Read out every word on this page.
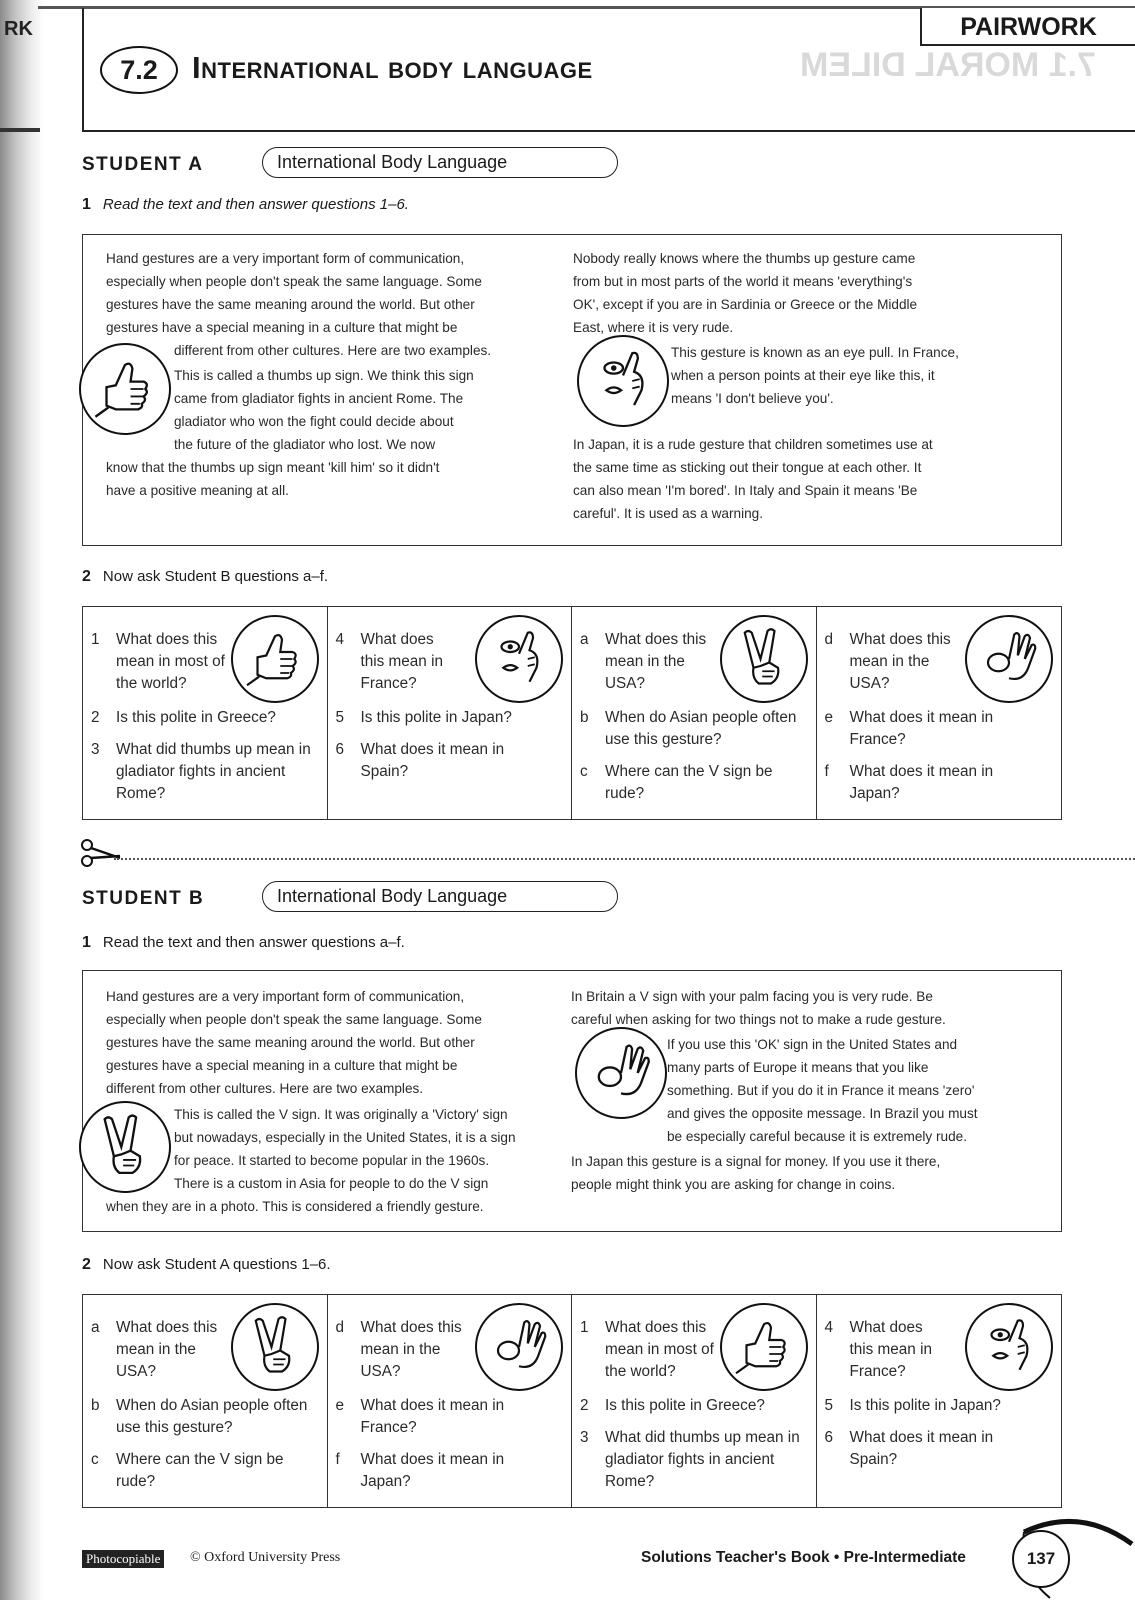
RK
7.1 MORAL DILEM
PAIRWORK
7.2	International body language
STUDENT A	International Body Language
1 Read the text and then answer questions 1–6.

Hand gestures are a very important form of communication,

especially when people don't speak the same language. Some

gestures have the same meaning around the world. But other

gestures have a special meaning in a culture that might be

different from other cultures. Here are two examples.

This is called a thumbs up sign. We think this sign

came from gladiator fights in ancient Rome. The

gladiator who won the fight could decide about

the future of the gladiator who lost. We now

know that the thumbs up sign meant 'kill him' so it didn't

have a positive meaning at all.

Nobody really knows where the thumbs up gesture came

from but in most parts of the world it means 'everything's

OK', except if you are in Sardinia or Greece or the Middle

East, where it is very rude.

This gesture is known as an eye pull. In France,

when a person points at their eye like this, it

means 'I don't believe you'.

In Japan, it is a rude gesture that children sometimes use at

the same time as sticking out their tongue at each other. It

can also mean 'I'm bored'. In Italy and Spain it means 'Be

careful'. It is used as a warning.

2 Now ask Student B questions a–f.
1	What does this mean in most of the world?
2	Is this polite in Greece?
3	What did thumbs up mean in gladiator fights in ancient Rome?
4	What does this mean in France?
5	Is this polite in Japan?
6	What does it mean in Spain?
a	What does this mean in the USA?
b	When do Asian people often use this gesture?
c	Where can the V sign be rude?
d	What does this mean in the USA?
e	What does it mean in France?
f	What does it mean in Japan?
STUDENT B	International Body Language
1 Read the text and then answer questions a–f.

Hand gestures are a very important form of communication,

especially when people don't speak the same language. Some

gestures have the same meaning around the world. But other

gestures have a special meaning in a culture that might be

different from other cultures. Here are two examples.

This is called the V sign. It was originally a 'Victory' sign

but nowadays, especially in the United States, it is a sign

for peace. It started to become popular in the 1960s.

There is a custom in Asia for people to do the V sign

when they are in a photo. This is considered a friendly gesture.

In Britain a V sign with your palm facing you is very rude. Be

careful when asking for two things not to make a rude gesture.

If you use this 'OK' sign in the United States and

many parts of Europe it means that you like

something. But if you do it in France it means 'zero'

and gives the opposite message. In Brazil you must

be especially careful because it is extremely rude.

In Japan this gesture is a signal for money. If you use it there,

people might think you are asking for change in coins.

2 Now ask Student A questions 1–6.
a	What does this mean in the USA?
b	When do Asian people often use this gesture?
c	Where can the V sign be rude?
d	What does this mean in the USA?
e	What does it mean in France?
f	What does it mean in Japan?
1	What does this mean in most of the world?
2	Is this polite in Greece?
3	What did thumbs up mean in gladiator fights in ancient Rome?
4	What does this mean in France?
5	Is this polite in Japan?
6	What does it mean in Spain?
Photocopiable © Oxford University Press	Solutions Teacher's Book • Pre-Intermediate	137
